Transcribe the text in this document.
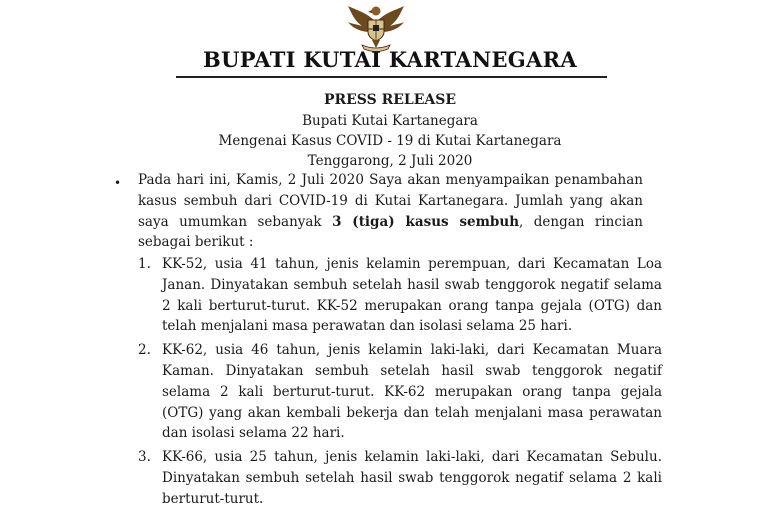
BUPATI KUTAI KARTANEGARA
PRESS RELEASE
Bupati Kutai Kartanegara
Mengenai Kasus COVID - 19 di Kutai Kartanegara
Tenggarong, 2 Juli 2020
• Pada hari ini, Kamis, 2 Juli 2020 Saya akan menyampaikan penambahan kasus sembuh dari COVID-19 di Kutai Kartanegara. Jumlah yang akan saya umumkan sebanyak 3 (tiga) kasus sembuh, dengan rincian sebagai berikut :
1. KK-52, usia 41 tahun, jenis kelamin perempuan, dari Kecamatan Loa Janan. Dinyatakan sembuh setelah hasil swab tenggorok negatif selama 2 kali berturut-turut. KK-52 merupakan orang tanpa gejala (OTG) dan telah menjalani masa perawatan dan isolasi selama 25 hari.
2. KK-62, usia 46 tahun, jenis kelamin laki-laki, dari Kecamatan Muara Kaman. Dinyatakan sembuh setelah hasil swab tenggorok negatif selama 2 kali berturut-turut. KK-62 merupakan orang tanpa gejala (OTG) yang akan kembali bekerja dan telah menjalani masa perawatan dan isolasi selama 22 hari.
3. KK-66, usia 25 tahun, jenis kelamin laki-laki, dari Kecamatan Sebulu. Dinyatakan sembuh setelah hasil swab tenggorok negatif selama 2 kali berturut-turut.
